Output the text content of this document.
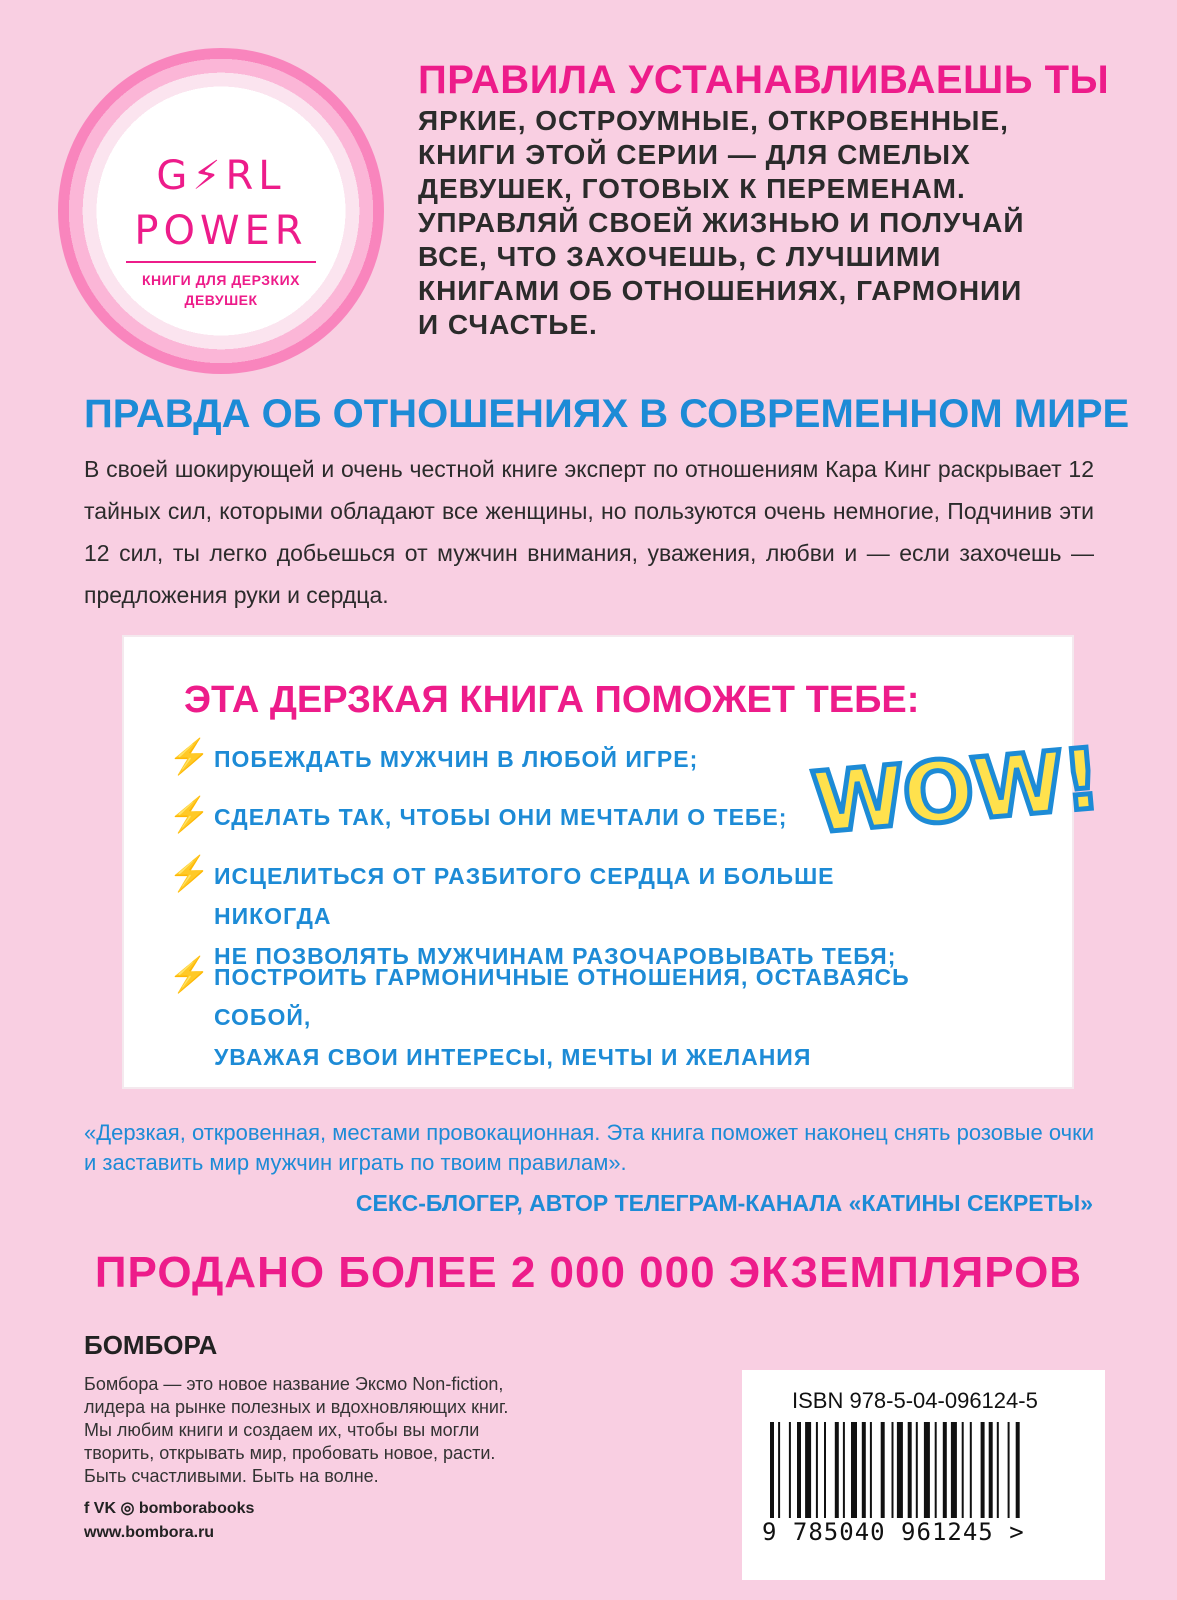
G⚡RL
POWER
КНИГИ ДЛЯ ДЕРЗКИХ ДЕВУШЕК
ПРАВИЛА УСТАНАВЛИВАЕШЬ ТЫ
ЯРКИЕ, ОСТРОУМНЫЕ, ОТКРОВЕННЫЕ,
КНИГИ ЭТОЙ СЕРИИ — ДЛЯ СМЕЛЫХ
ДЕВУШЕК, ГОТОВЫХ К ПЕРЕМЕНАМ.
УПРАВЛЯЙ СВОЕЙ ЖИЗНЬЮ И ПОЛУЧАЙ
ВСЕ, ЧТО ЗАХОЧЕШЬ, С ЛУЧШИМИ
КНИГАМИ ОБ ОТНОШЕНИЯХ, ГАРМОНИИ
И СЧАСТЬЕ.
ПРАВДА ОБ ОТНОШЕНИЯХ В СОВРЕМЕННОМ МИРЕ
В своей шокирующей и очень честной книге эксперт по отношениям Кара Кинг раскрывает 12 тайных сил, которыми обладают все женщины, но пользуются очень немногие, Подчинив эти 12 сил, ты легко добьешься от мужчин внимания, уважения, любви и — если захочешь — предложения руки и сердца.
ЭТА ДЕРЗКАЯ КНИГА ПОМОЖЕТ ТЕБЕ:
⚡ ПОБЕЖДАТЬ МУЖЧИН В ЛЮБОЙ ИГРЕ;
⚡ СДЕЛАТЬ ТАК, ЧТОБЫ ОНИ МЕЧТАЛИ О ТЕБЕ;
⚡ ИСЦЕЛИТЬСЯ ОТ РАЗБИТОГО СЕРДЦА И БОЛЬШЕ НИКОГДА
НЕ ПОЗВОЛЯТЬ МУЖЧИНАМ РАЗОЧАРОВЫВАТЬ ТЕБЯ;
⚡ ПОСТРОИТЬ ГАРМОНИЧНЫЕ ОТНОШЕНИЯ, ОСТАВАЯСЬ СОБОЙ,
УВАЖАЯ СВОИ ИНТЕРЕСЫ, МЕЧТЫ И ЖЕЛАНИЯ
WOW!
«Дерзкая, откровенная, местами провокационная. Эта книга поможет наконец снять розовые очки и заставить мир мужчин играть по твоим правилам».
СЕКС-БЛОГЕР, АВТОР ТЕЛЕГРАМ-КАНАЛА «КАТИНЫ СЕКРЕТЫ»
ПРОДАНО БОЛЕЕ 2 000 000 ЭКЗЕМПЛЯРОВ
БОМБОРА
Бомбора — это новое название Эксмо Non-fiction,
лидера на рынке полезных и вдохновляющих книг.
Мы любим книги и создаем их, чтобы вы могли
творить, открывать мир, пробовать новое, расти.
Быть счастливыми. Быть на волне.
f VK ◎ bomborabooks
www.bombora.ru
ISBN 978-5-04-096124-5
9 785040 961245 >
